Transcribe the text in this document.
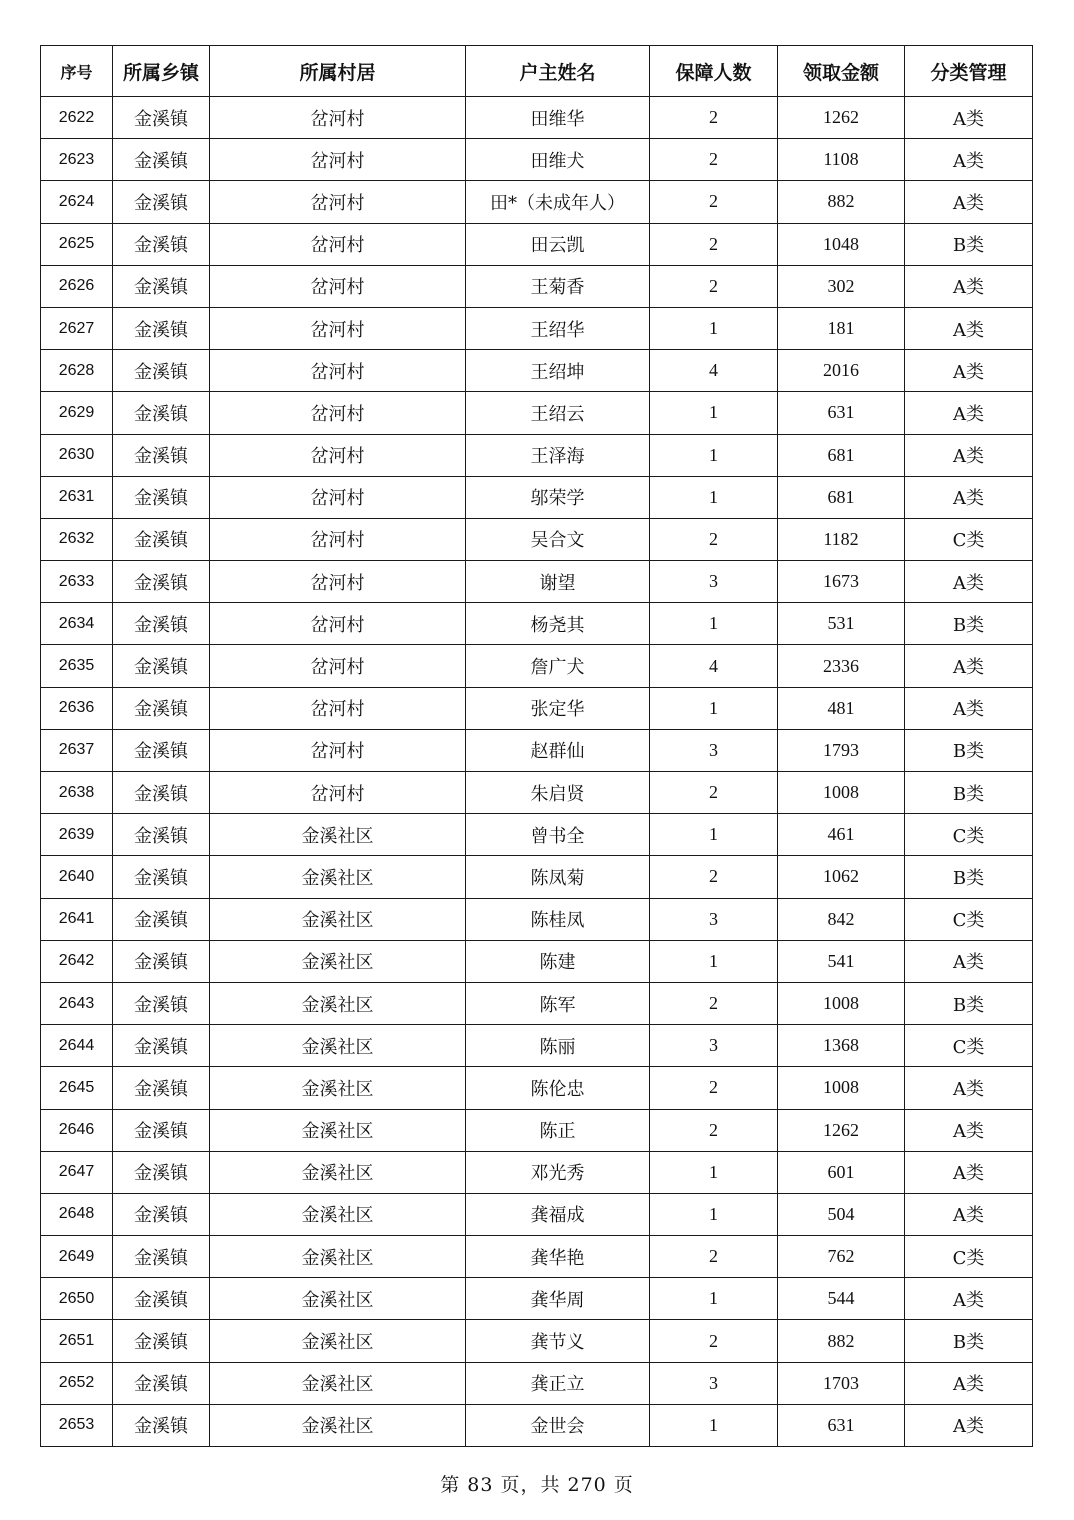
序号	所属乡镇	所属村居	户主姓名	保障人数	领取金额	分类管理
2622	金溪镇	岔河村	田维华	2	1262	A类
2623	金溪镇	岔河村	田维犬	2	1108	A类
2624	金溪镇	岔河村	田*（未成年人）	2	882	A类
2625	金溪镇	岔河村	田云凯	2	1048	B类
2626	金溪镇	岔河村	王菊香	2	302	A类
2627	金溪镇	岔河村	王绍华	1	181	A类
2628	金溪镇	岔河村	王绍坤	4	2016	A类
2629	金溪镇	岔河村	王绍云	1	631	A类
2630	金溪镇	岔河村	王泽海	1	681	A类
2631	金溪镇	岔河村	邬荣学	1	681	A类
2632	金溪镇	岔河村	吴合文	2	1182	C类
2633	金溪镇	岔河村	谢望	3	1673	A类
2634	金溪镇	岔河村	杨尧其	1	531	B类
2635	金溪镇	岔河村	詹广犬	4	2336	A类
2636	金溪镇	岔河村	张定华	1	481	A类
2637	金溪镇	岔河村	赵群仙	3	1793	B类
2638	金溪镇	岔河村	朱启贤	2	1008	B类
2639	金溪镇	金溪社区	曾书全	1	461	C类
2640	金溪镇	金溪社区	陈凤菊	2	1062	B类
2641	金溪镇	金溪社区	陈桂凤	3	842	C类
2642	金溪镇	金溪社区	陈建	1	541	A类
2643	金溪镇	金溪社区	陈军	2	1008	B类
2644	金溪镇	金溪社区	陈丽	3	1368	C类
2645	金溪镇	金溪社区	陈伦忠	2	1008	A类
2646	金溪镇	金溪社区	陈正	2	1262	A类
2647	金溪镇	金溪社区	邓光秀	1	601	A类
2648	金溪镇	金溪社区	龚福成	1	504	A类
2649	金溪镇	金溪社区	龚华艳	2	762	C类
2650	金溪镇	金溪社区	龚华周	1	544	A类
2651	金溪镇	金溪社区	龚节义	2	882	B类
2652	金溪镇	金溪社区	龚正立	3	1703	A类
2653	金溪镇	金溪社区	金世会	1	631	A类
第 83 页，共 270 页
